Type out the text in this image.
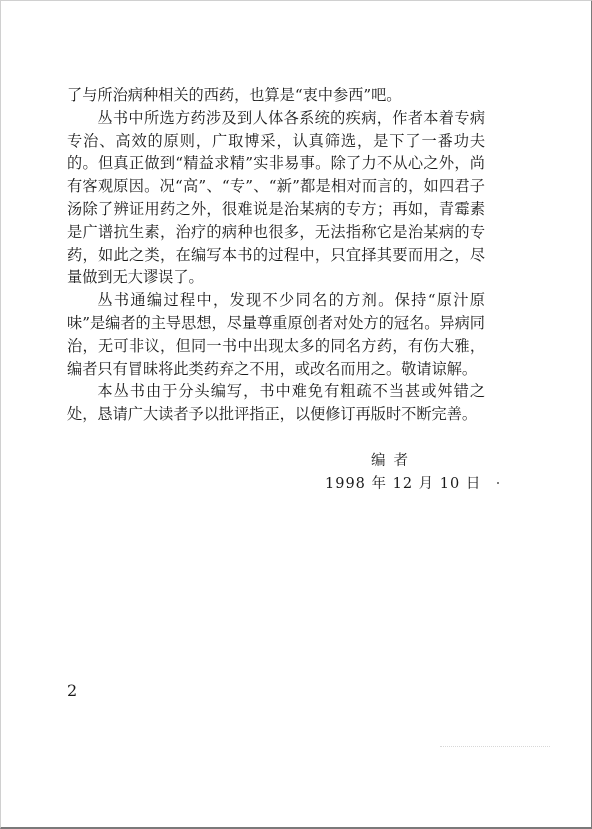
了与所治病种相关的西药，也算是“衷中参西”吧。

丛书中所选方药涉及到人体各系统的疾病，作者本着专病专治、高效的原则，广取博采，认真筛选，是下了一番功夫的。但真正做到“精益求精”实非易事。除了力不从心之外，尚有客观原因。况“高”、“专”、“新”都是相对而言的，如四君子汤除了辨证用药之外，很难说是治某病的专方；再如，青霉素是广谱抗生素，治疗的病种也很多，无法指称它是治某病的专药，如此之类，在编写本书的过程中，只宜择其要而用之，尽量做到无大谬误了。

丛书通编过程中，发现不少同名的方剂。保持“原汁原味”是编者的主导思想，尽量尊重原创者对处方的冠名。异病同治，无可非议，但同一书中出现太多的同名方药，有伤大雅，编者只有冒昧将此类药弃之不用，或改名而用之。敬请谅解。

本丛书由于分头编写，书中难免有粗疏不当甚或舛错之处，恳请广大读者予以批评指正，以便修订再版时不断完善。

编者
1998 年 12 月 10 日
2
